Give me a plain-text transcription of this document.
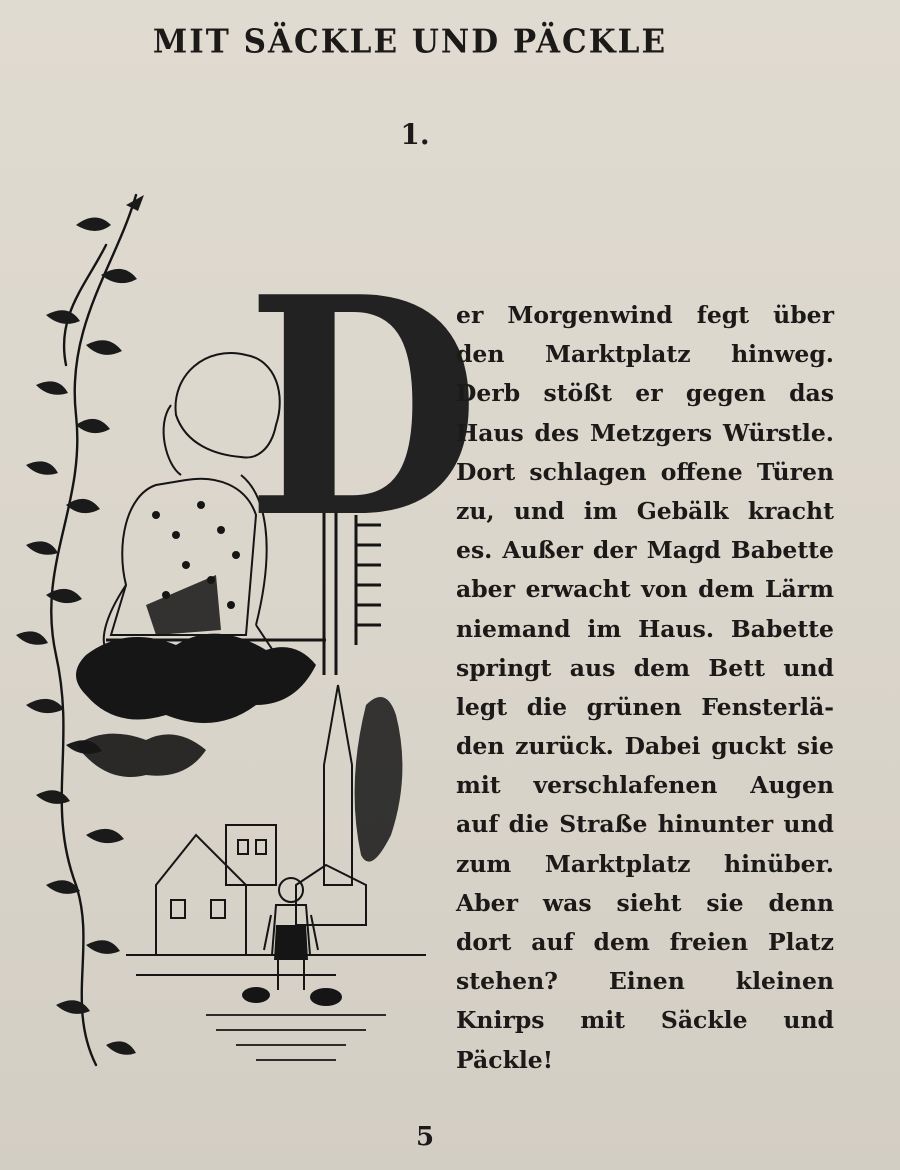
MIT SÄCKLE UND PÄCKLE
1.
D
er Morgenwind fegt über
den Marktplatz hinweg.
Derb stößt er gegen das
Haus des Metzgers Würstle.
Dort schlagen offene Türen
zu, und im Gebälk kracht
es. Außer der Magd Babette
aber erwacht von dem Lärm
niemand im Haus. Babette
springt aus dem Bett und
legt die grünen Fensterlä-
den zurück. Dabei guckt sie
mit verschlafenen Augen
auf die Straße hinunter und
zum Marktplatz hinüber.
Aber was sieht sie denn
dort auf dem freien Platz
stehen? Einen kleinen
Knirps mit Säckle und
Päckle!
5
